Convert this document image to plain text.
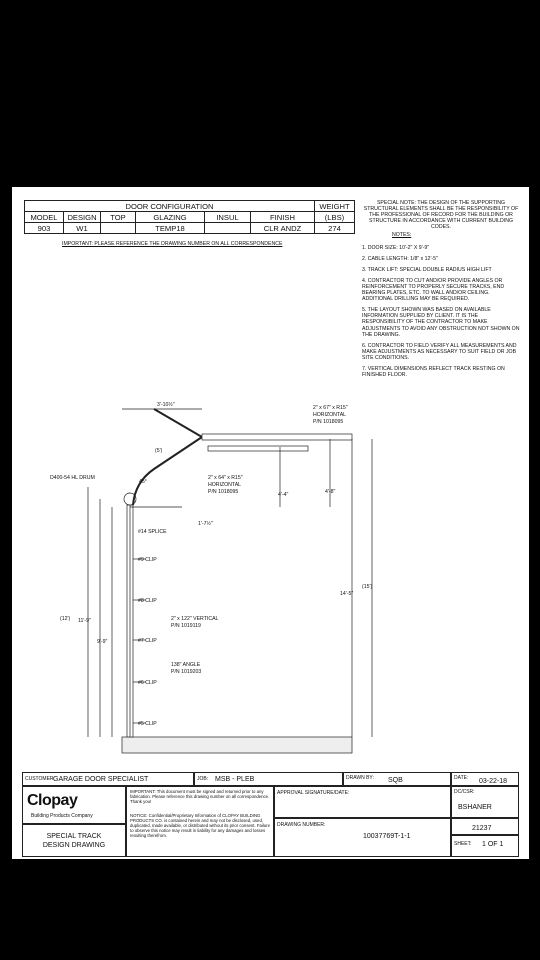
DOOR CONFIGURATION						WEIGHT
MODEL	DESIGN	TOP	GLAZING	INSUL	FINISH	(LBS)
903	W1		TEMP18		CLR ANDZ	274
IMPORTANT: PLEASE REFERENCE THE DRAWING NUMBER ON ALL CORRESPONDENCE
SPECIAL NOTE: THE DESIGN OF THE SUPPORTING STRUCTURAL ELEMENTS SHALL BE THE RESPONSIBILITY OF THE PROFESSIONAL OF RECORD FOR THE BUILDING OR STRUCTURE IN ACCORDANCE WITH CURRENT BUILDING CODES.
NOTES:
1. DOOR SIZE: 10'-2" X 9'-9"
2. CABLE LENGTH: 1/8" x 12'-5"
3. TRACK LIFT: SPECIAL DOUBLE RADIUS HIGH LIFT
4. CONTRACTOR TO CUT AND/OR PROVIDE ANGLES OR REINFORCEMENT TO PROPERLY SECURE TRACKS, END BEARING PLATES, ETC. TO WALL AND/OR CEILING. ADDITIONAL DRILLING MAY BE REQUIRED.
5. THE LAYOUT SHOWN WAS BASED ON AVAILABLE INFORMATION SUPPLIED BY CLIENT. IT IS THE RESPONSIBILITY OF THE CONTRACTOR TO MAKE ADJUSTMENTS TO AVOID ANY OBSTRUCTION NOT SHOWN ON THE DRAWING.
6. CONTRACTOR TO FIELD VERIFY ALL MEASUREMENTS AND MAKE ADJUSTMENTS AS NECESSARY TO SUIT FIELD OR JOB SITE CONDITIONS.
7. VERTICAL DIMENSIONS REFLECT TRACK RESTING ON FINISHED FLOOR.
3'-10½"
(5')
2" x 67" x R15"
HORIZONTAL
P/N 1018095
2" x 64" x R15"
HORIZONTAL
P/N 1018095
D400-54 HL DRUM
45°
4'-4"	4'-8"
#14 SPLICE
1'-7½"
#9 CLIP
#8 CLIP
#7 CLIP
#6 CLIP
#5 CLIP
2" x 122" VERTICAL
P/N 1019119
138" ANGLE
P/N 1019203
(12') 11'-9"
9'-9"
14'-5"
(15')
CUSTOMER:
GARAGE DOOR SPECIALIST	JOB: MSB - PLEB	DRAWN BY: SQB	DATE: 03-22-18
Clopay
Building Products Company
SPECIAL TRACK
DESIGN DRAWING
IMPORTANT: This document must be signed and returned prior to any fabrication. Please reference this drawing number on all correspondence. Thank you!
NOTICE: Confidential/Proprietary Information of CLOPAY BUILDING PRODUCTS CO. is contained herein and may not be disclosed, used, duplicated, made available, or distributed without its prior consent. Failure to observe this notice may result in liability for any damages and losses resulting therefrom.
APPROVAL SIGNATURE/DATE:	DC/CSR:
BSHANER
DRAWING NUMBER:
10037769T-1-1
21237
SHEET: 1 OF 1
